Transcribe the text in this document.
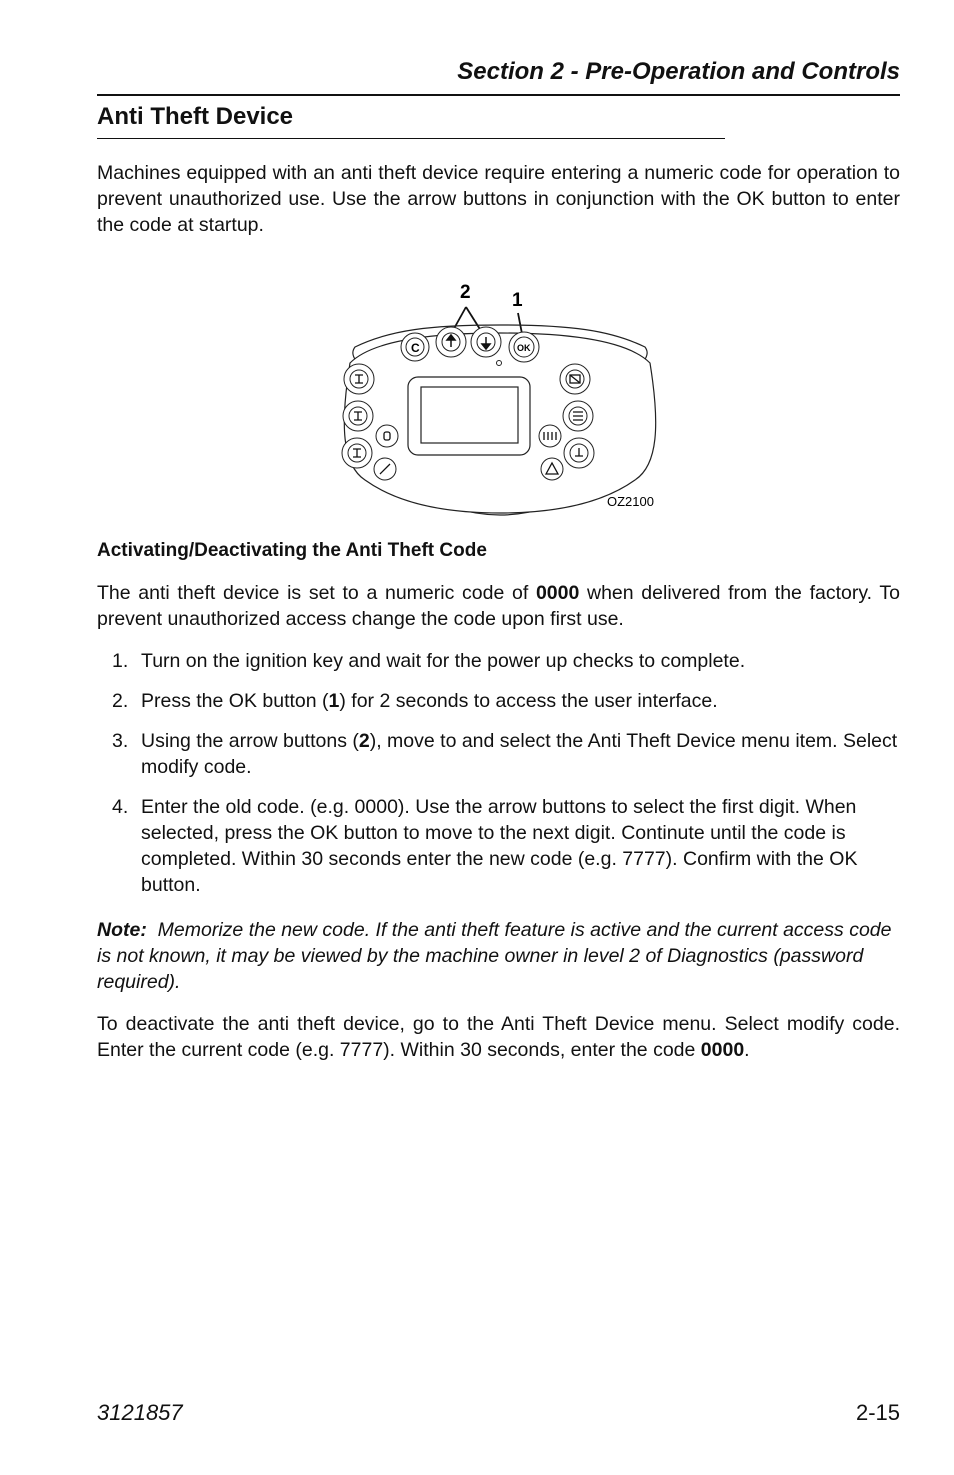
Section 2 - Pre-Operation and Controls
Anti Theft Device
Machines equipped with an anti theft device require entering a numeric code for operation to prevent unauthorized use. Use the arrow buttons in conjunction with the OK button to enter the code at startup.
2 1
C	OK
OZ2100
Activating/Deactivating the Anti Theft Code
The anti theft device is set to a numeric code of 0000 when delivered from the factory. To prevent unauthorized access change the code upon first use.
1. Turn on the ignition key and wait for the power up checks to complete.
2. Press the OK button (1) for 2 seconds to access the user interface.
3. Using the arrow buttons (2), move to and select the Anti Theft Device menu item. Select modify code.
4. Enter the old code. (e.g. 0000). Use the arrow buttons to select the first digit. When selected, press the OK button to move to the next digit. Continute until the code is completed. Within 30 seconds enter the new code (e.g. 7777). Confirm with the OK button.
Note: Memorize the new code. If the anti theft feature is active and the current access code is not known, it may be viewed by the machine owner in level 2 of Diagnostics (password required).
To deactivate the anti theft device, go to the Anti Theft Device menu. Select modify code. Enter the current code (e.g. 7777). Within 30 seconds, enter the code 0000.
3121857	2-15
